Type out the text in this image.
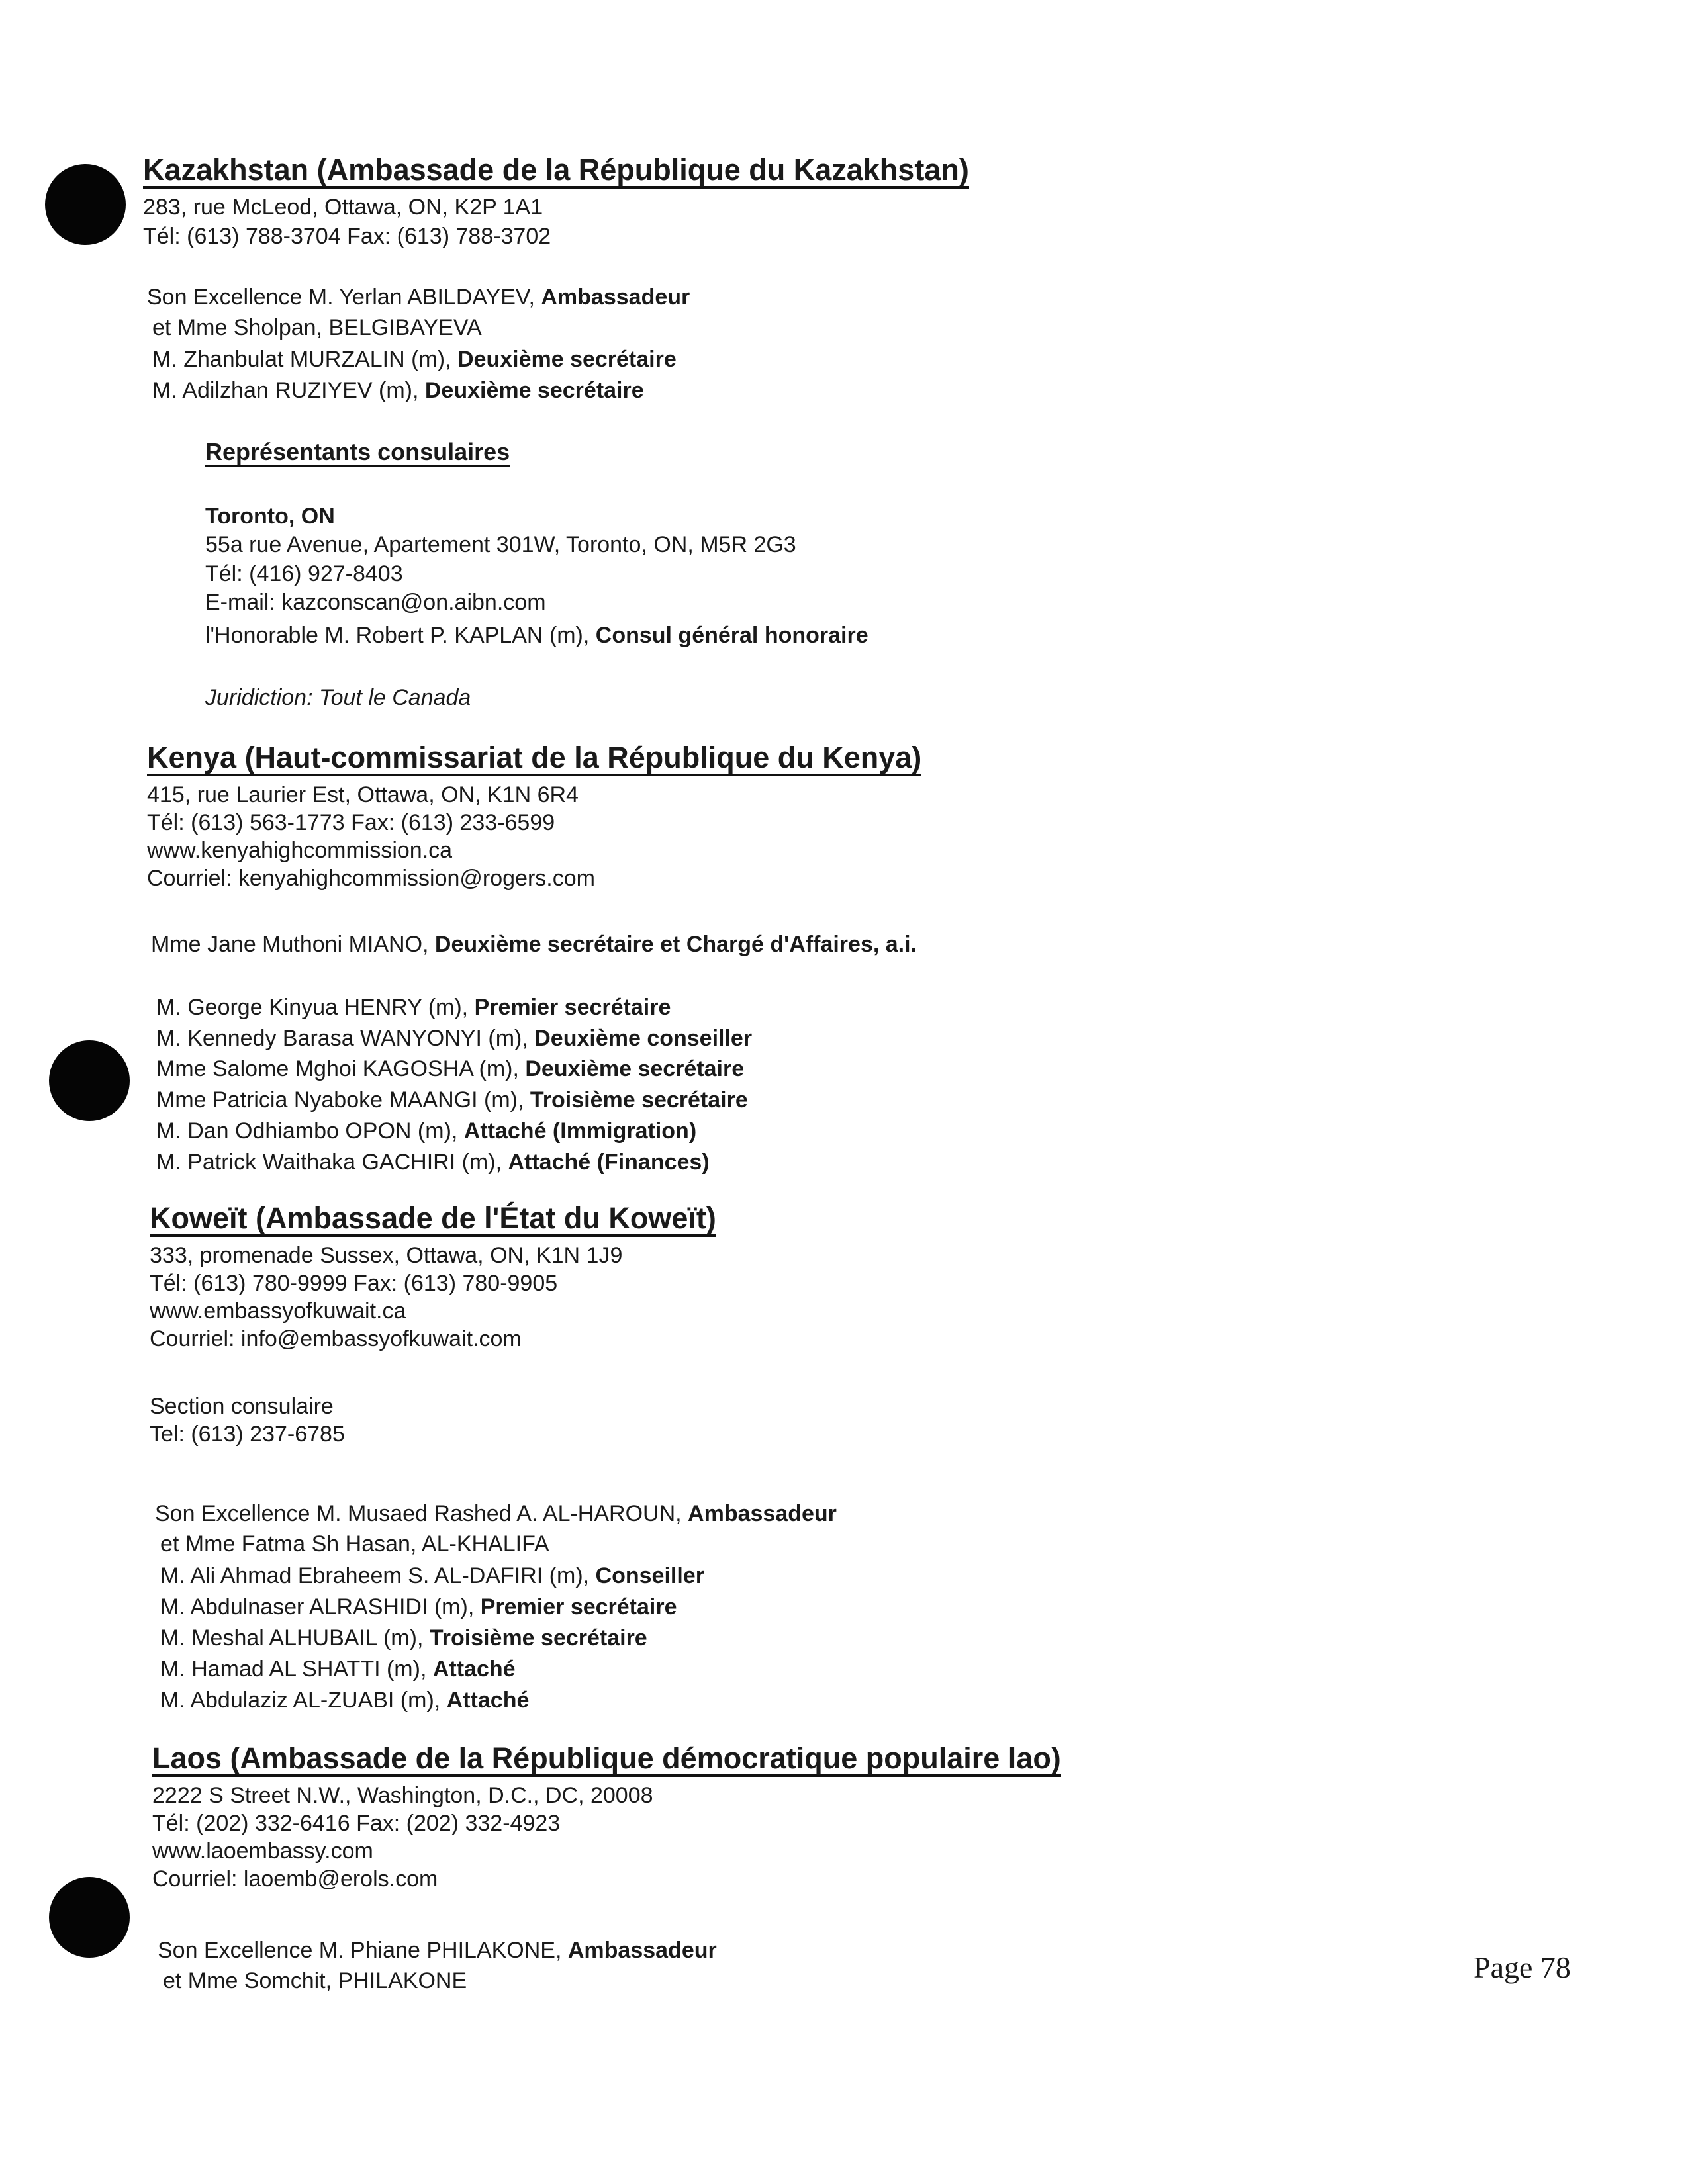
Kazakhstan (Ambassade de la République du Kazakhstan)
283, rue McLeod, Ottawa, ON, K2P 1A1
Tél: (613) 788-3704 Fax: (613) 788-3702
Son Excellence M. Yerlan ABILDAYEV, Ambassadeur
et Mme Sholpan, BELGIBAYEVA
M. Zhanbulat MURZALIN (m), Deuxième secrétaire
M. Adilzhan RUZIYEV (m), Deuxième secrétaire
Représentants consulaires
Toronto, ON
55a rue Avenue, Apartement 301W, Toronto, ON, M5R 2G3
Tél: (416) 927-8403
E-mail: kazconscan@on.aibn.com
l'Honorable M. Robert P. KAPLAN (m), Consul général honoraire
Juridiction: Tout le Canada
Kenya (Haut-commissariat de la République du Kenya)
415, rue Laurier Est, Ottawa, ON, K1N 6R4
Tél: (613) 563-1773 Fax: (613) 233-6599
www.kenyahighcommission.ca
Courriel: kenyahighcommission@rogers.com
Mme Jane Muthoni MIANO, Deuxième secrétaire et Chargé d'Affaires, a.i.
M. George Kinyua HENRY (m), Premier secrétaire
M. Kennedy Barasa WANYONYI (m), Deuxième conseiller
Mme Salome Mghoi KAGOSHA (m), Deuxième secrétaire
Mme Patricia Nyaboke MAANGI (m), Troisième secrétaire
M. Dan Odhiambo OPON (m), Attaché (Immigration)
M. Patrick Waithaka GACHIRI (m), Attaché (Finances)
Koweït (Ambassade de l'État du Koweït)
333, promenade Sussex, Ottawa, ON, K1N 1J9
Tél: (613) 780-9999 Fax: (613) 780-9905
www.embassyofkuwait.ca
Courriel: info@embassyofkuwait.com
Section consulaire
Tel: (613) 237-6785
Son Excellence M. Musaed Rashed A. AL-HAROUN, Ambassadeur
et Mme Fatma Sh Hasan, AL-KHALIFA
M. Ali Ahmad Ebraheem S. AL-DAFIRI (m), Conseiller
M. Abdulnaser ALRASHIDI (m), Premier secrétaire
M. Meshal ALHUBAIL (m), Troisième secrétaire
M. Hamad AL SHATTI (m), Attaché
M. Abdulaziz AL-ZUABI (m), Attaché
Laos (Ambassade de la République démocratique populaire lao)
2222 S Street N.W., Washington, D.C., DC, 20008
Tél: (202) 332-6416 Fax: (202) 332-4923
www.laoembassy.com
Courriel: laoemb@erols.com
Son Excellence M. Phiane PHILAKONE, Ambassadeur
et Mme Somchit, PHILAKONE	Page 78
